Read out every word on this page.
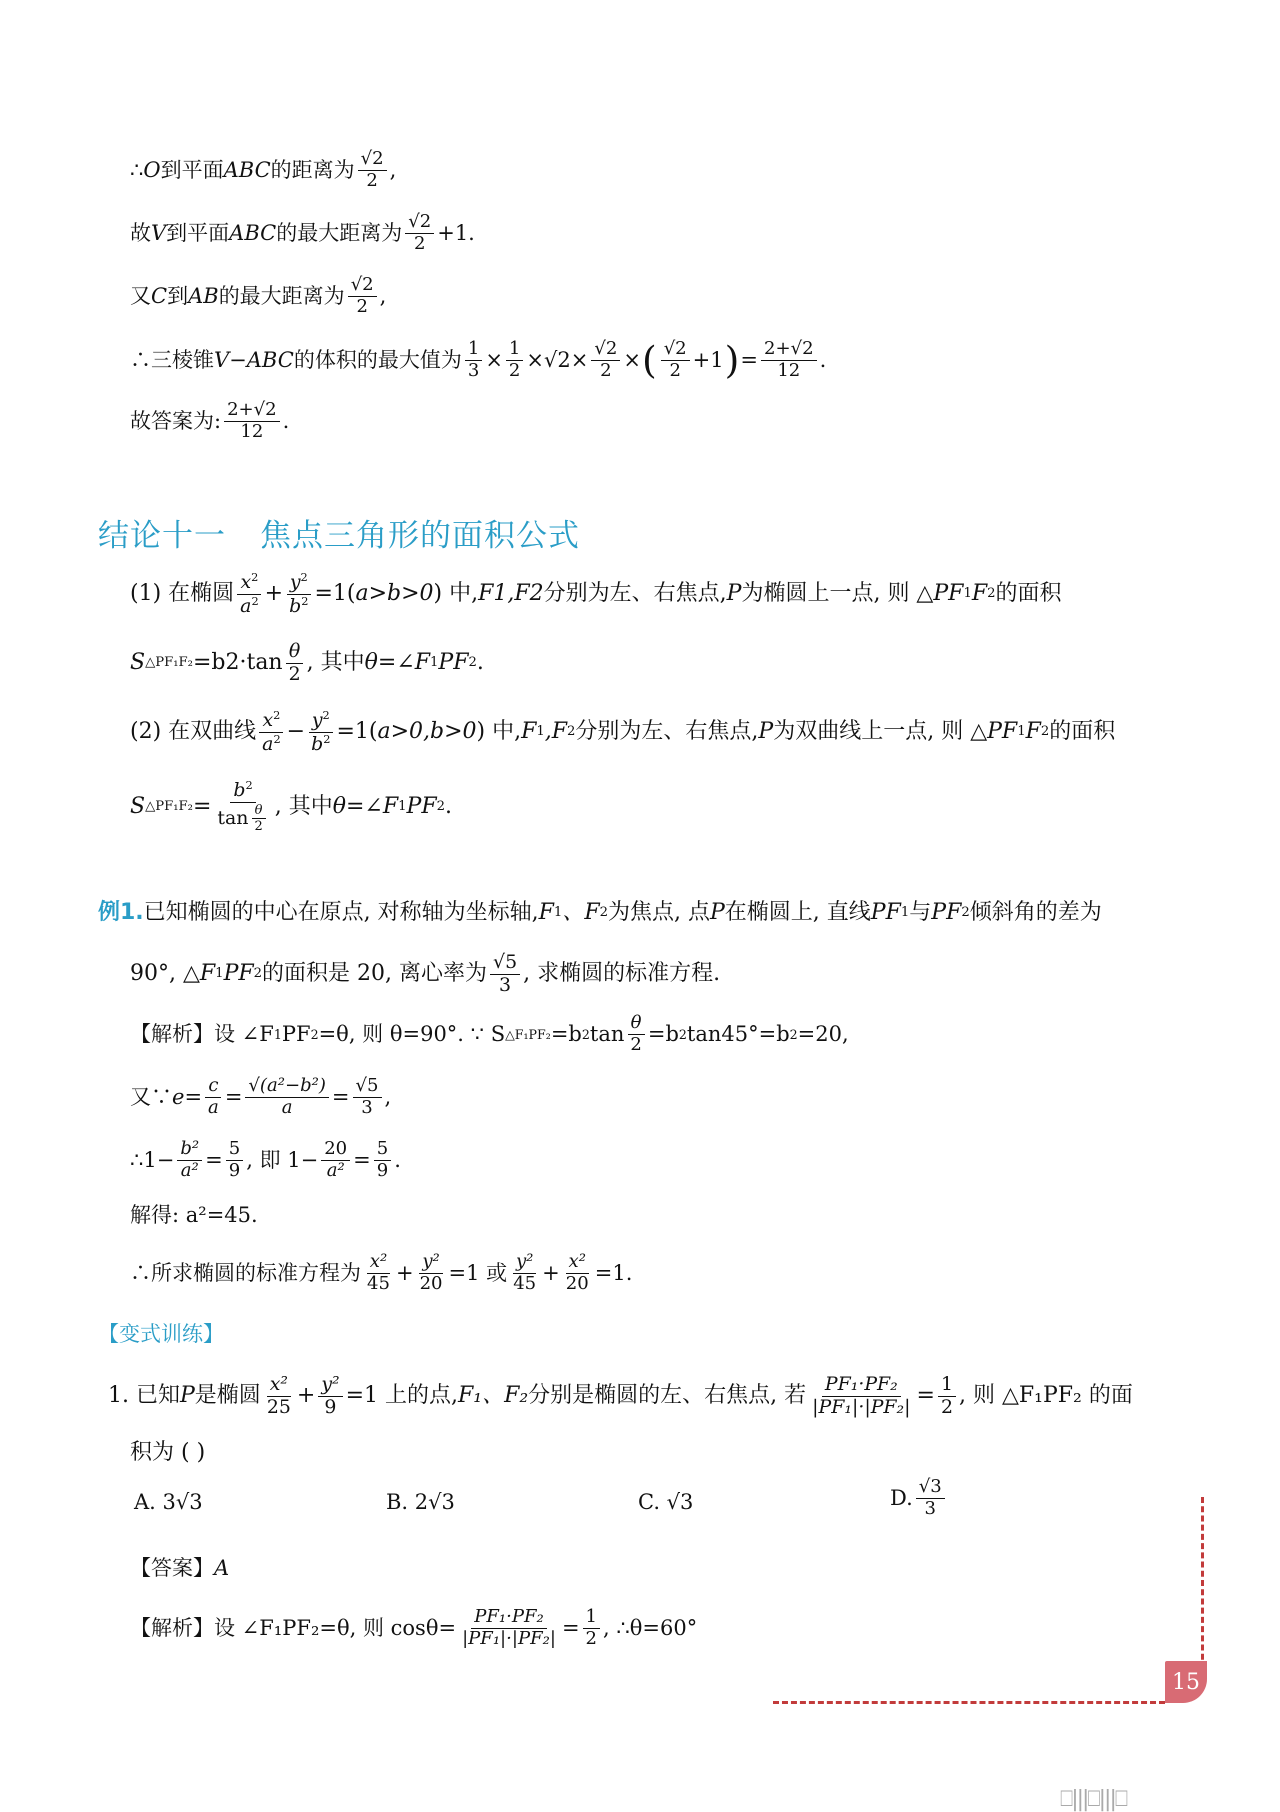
∴ O 到平面 ABC 的距离为 $\frac{√2}{2}$ ,
故 V 到平面 ABC 的最大距离为 $\frac{√2}{2} +1$.
又 C 到 AB 的最大距离为 $\frac{√2}{2}$ ,
∴三棱锥 V−ABC 的体积的最大值为 $\frac{1}{3} \times \frac{1}{2} \times√2\times \frac{√2}{2}$ × ( $\frac{√2}{2} +1$ ) = $\frac{2+√2}{12}$ .
故答案为: $\frac{2+√2}{12}$ .
结论十一 焦点三角形的面积公式
(1) 在椭圆 $\frac{x^2}{a^2} + \frac{y^2}{b^2} =1$( a>b>0 ) 中, F1,F2 分别为左、右焦点, P 为椭圆上一点, 则 △ PF 1 F 2 的面积
S △PF₁F₂ $=b2\cdot\tan \frac{\theta}{2}$ , 其中 θ=∠F 1 PF 2 .
(2) 在双曲线 $\frac{x^2}{a^2} - \frac{y^2}{b^2} =1$( a>0,b>0 ) 中, F 1 ,F 2 分别为左、右焦点, P 为双曲线上一点, 则 △ PF 1 F 2 的面积
S △PF₁F₂ = $\frac{b^2}{\tan \frac{\theta}{2}}$ , 其中 θ=∠F 1 PF 2 .
例1. 已知椭圆的中心在原点, 对称轴为坐标轴, F 1 、F 2 为焦点, 点 P 在椭圆上, 直线 PF 1 与 PF 2 倾斜角的差为
90°, △ F 1 PF 2 的面积是 20, 离心率为 $\frac{√5}{3}$ , 求椭圆的标准方程.
【解析】 设 ∠F 1 PF 2 =θ, 则 θ=90°. ∵ S △F₁PF₂ =b 2 $\tan \frac{\theta}{2} =b$ 2 tan45°=b 2 =20,
又∵ $e = \frac{c}{a} = \frac{\text{√(a²−b²)}}{a} = \frac{√5}{3}$ ,
∴1− $\frac{\text{b²}}{\text{a²}} = \frac{5}{9}$ , 即 $1- \frac{20}{\text{a²}} = \frac{5}{9}$ .
解得: a²=45.
∴所求椭圆的标准方程为 $\frac{\text{x²}}{45} + \frac{\text{y²}}{20} =1$ 或 $\frac{\text{y²}}{45} + \frac{\text{x²}}{20} =1$.
【变式训练】
1. 已知 P 是椭圆 $\frac{\text{x²}}{25} + \frac{\text{y²}}{9} =1$ 上的点, F₁、F₂ 分别是椭圆的左、右焦点, 若 $\frac{\text{PF₁·PF₂}}{\text{|PF₁|·|PF₂|}} = \frac{1}{2}$ , 则 △F₁PF₂ 的面
积为 ( )
A. 3√3	B. 2√3	C. √3	D. $\frac{√3}{3}$
【答案】 A
【解析】 设 ∠F₁PF₂=θ, 则 $\cos\theta= \frac{\text{PF₁·PF₂}}{\text{|PF₁|·|PF₂|}} = \frac{1}{2}$ , ∴θ=60°
15
⎕|||⎕|||⎕
